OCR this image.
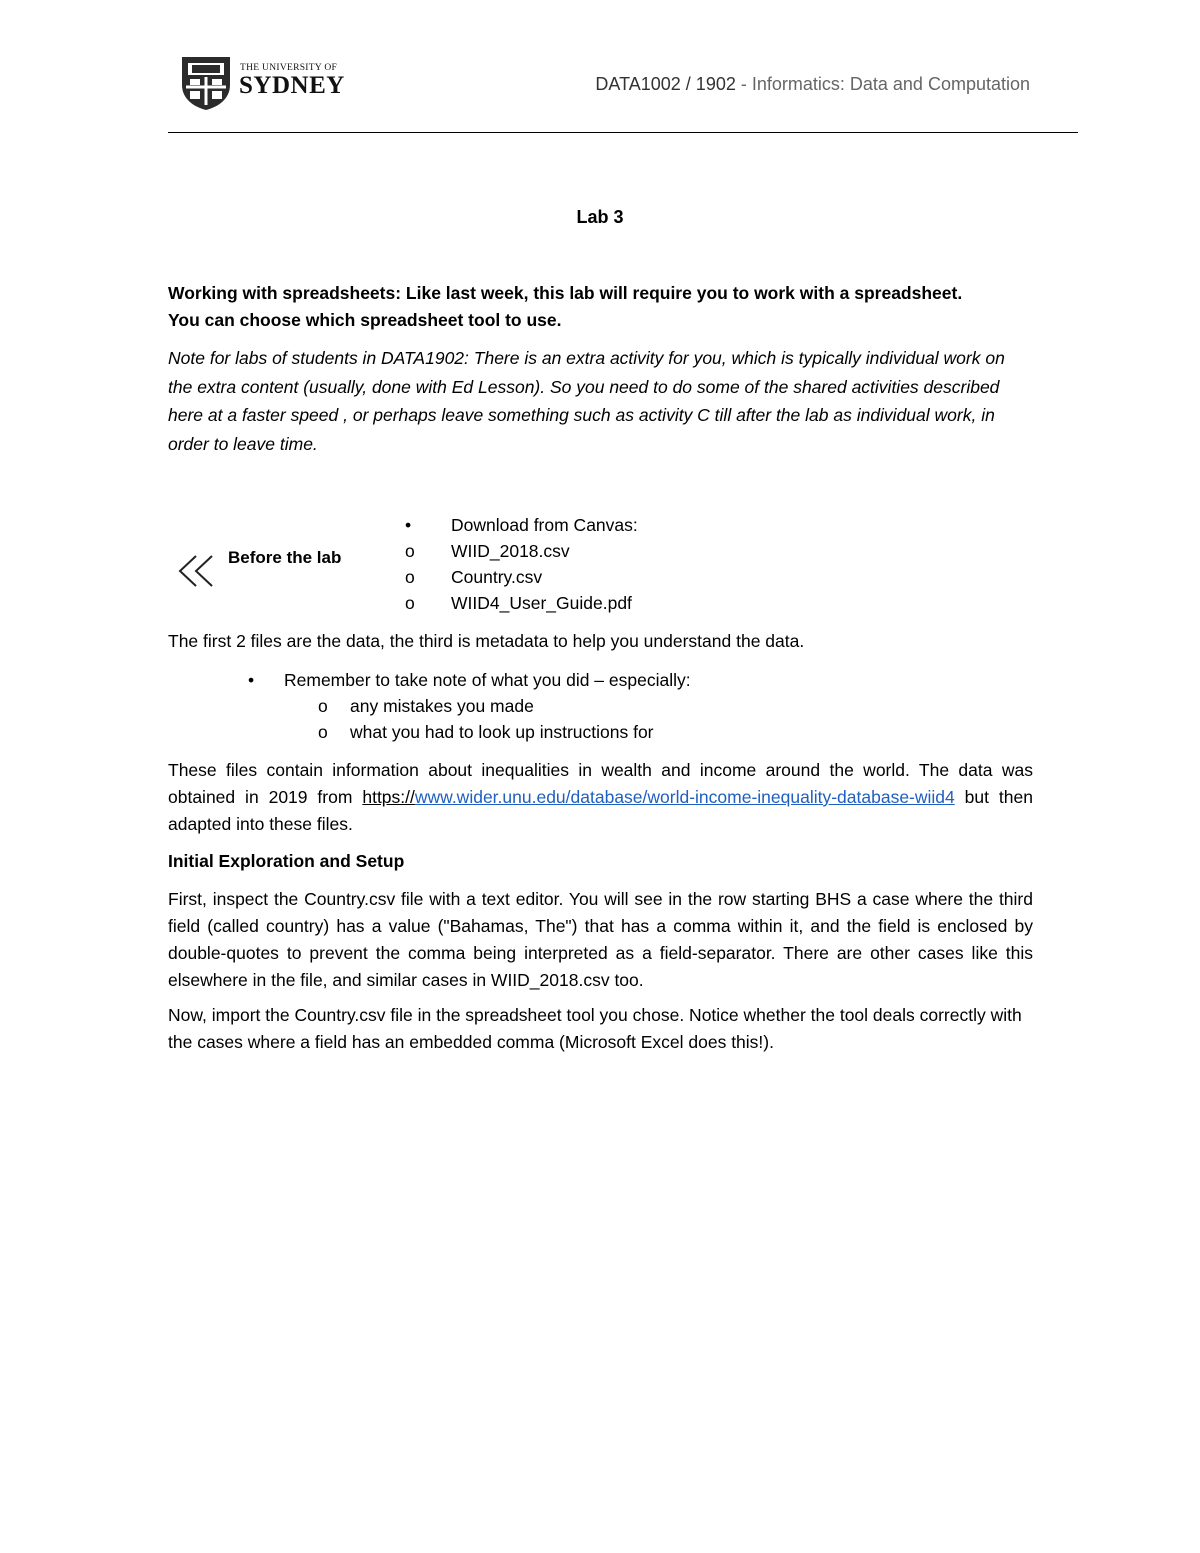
THE UNIVERSITY OF
SYDNEY	DATA1002 / 1902 - Informatics: Data and Computation
Lab 3
Working with spreadsheets: Like last week, this lab will require you to work with a spreadsheet.
You can choose which spreadsheet tool to use.
Note for labs of students in DATA1902: There is an extra activity for you, which is typically individual work on the extra content (usually, done with Ed Lesson). So you need to do some of the shared activities described here at a faster speed , or perhaps leave something such as activity C till after the lab as individual work, in order to leave time.
Before the lab
•	Download from Canvas:
o	WIID_2018.csv
o	Country.csv
o	WIID4_User_Guide.pdf
The first 2 files are the data, the third is metadata to help you understand the data.
•	Remember to take note of what you did – especially:
o	any mistakes you made
o	what you had to look up instructions for
These files contain information about inequalities in wealth and income around the world. The data was obtained in 2019 from https://www.wider.unu.edu/database/world-income-inequality-database-wiid4 but then adapted into these files.
Initial Exploration and Setup
First, inspect the Country.csv file with a text editor. You will see in the row starting BHS a case where the third field (called country) has a value ("Bahamas, The") that has a comma within it, and the field is enclosed by double-quotes to prevent the comma being interpreted as a field-separator. There are other cases like this elsewhere in the file, and similar cases in WIID_2018.csv too.
Now, import the Country.csv file in the spreadsheet tool you chose. Notice whether the tool deals correctly with the cases where a field has an embedded comma (Microsoft Excel does this!).
